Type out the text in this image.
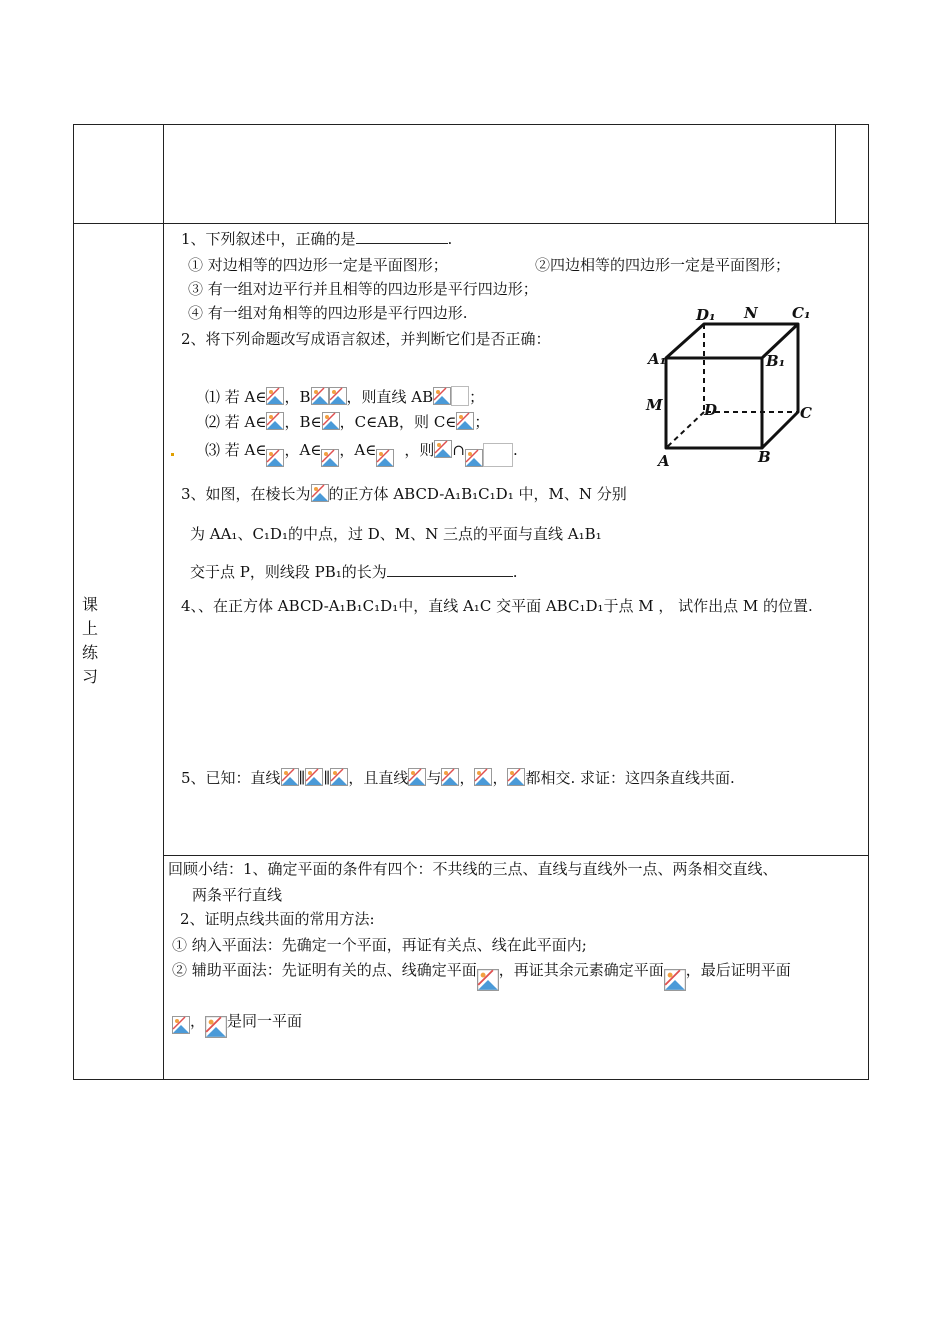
课
上
练
习
1、下列叙述中，正确的是	.
① 对边相等的四边形一定是平面图形；	②四边相等的四边形一定是平面图形；
③ 有一组对边平行并且相等的四边形是平行四边形；
④ 有一组对角相等的四边形是平行四边形.
2、将下列命题改写成语言叙述，并判断它们是否正确：
⑴ 若 A∈ ，B ，则直线 AB ；
⑵ 若 A∈ ，B∈ ，C∈AB，则 C∈ ；
⑶ 若 A∈ ，A∈ ，A∈ ，则 ∩	.
D₁ N C₁
A₁	B₁
M	D	C
A	B
3、如图，在棱长为 的正方体 ABCD-A₁B₁C₁D₁ 中，M、N 分别
为 AA₁、C₁D₁的中点，过 D、M、N 三点的平面与直线 A₁B₁
交于点 P，则线段 PB₁的长为	.
4、、在正方体 ABCD-A₁B₁C₁D₁中，直线 A₁C 交平面 ABC₁D₁于点 M ， 试作出点 M 的位置.
5、已知：直线 ∥ ∥ ，且直线 与 ， ， 都相交. 求证：这四条直线共面.
回顾小结：1、确定平面的条件有四个：不共线的三点、直线与直线外一点、两条相交直线、
两条平行直线
2、证明点线共面的常用方法:
① 纳入平面法：先确定一个平面，再证有关点、线在此平面内;
② 辅助平面法：先证明有关的点、线确定平面 ，再证其余元素确定平面 ，最后证明平面
， 是同一平面
